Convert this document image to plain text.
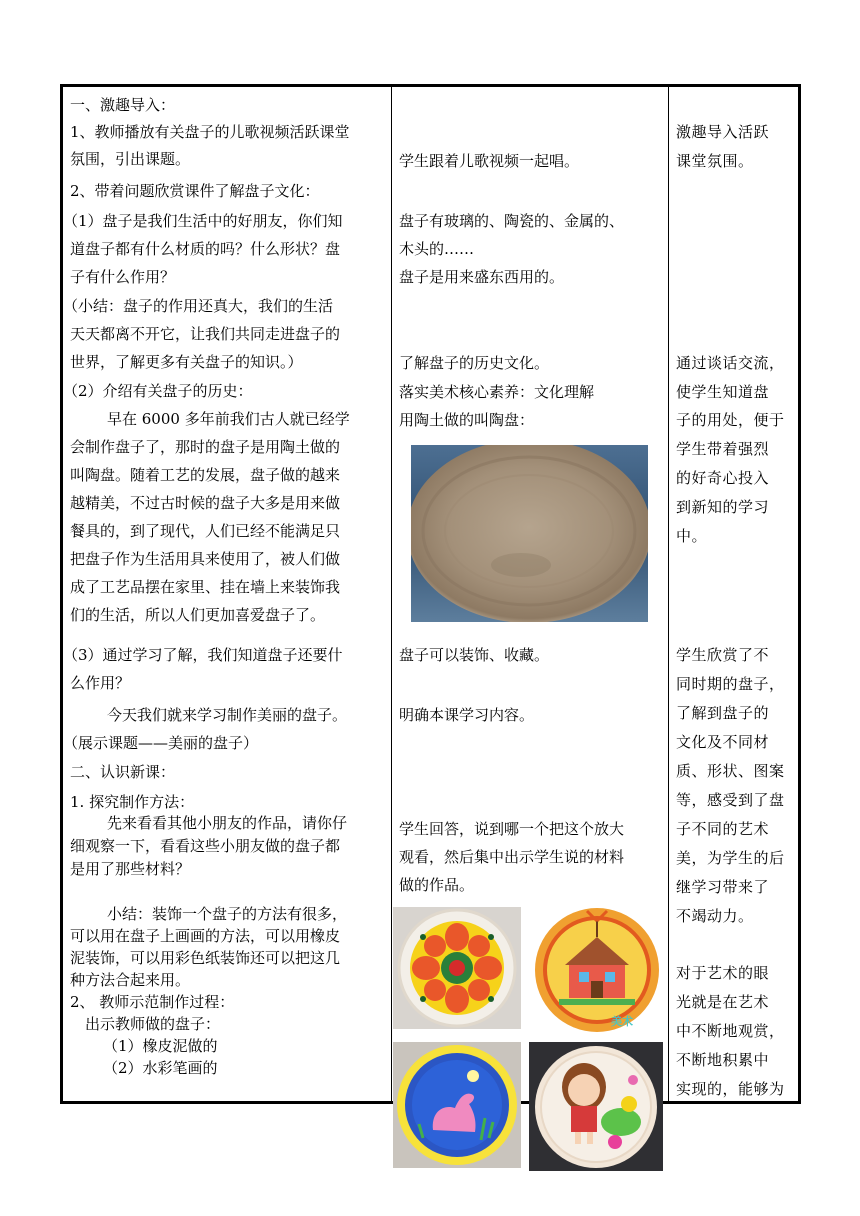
一、激趣导入：

1、教师播放有关盘子的儿歌视频活跃课堂

氛围，引出课题。

2、带着问题欣赏课件了解盘子文化：

（1）盘子是我们生活中的好朋友，你们知

道盘子都有什么材质的吗？什么形状？盘

子有什么作用？

（小结：盘子的作用还真大，我们的生活

天天都离不开它，让我们共同走进盘子的

世界，了解更多有关盘子的知识。）

（2）介绍有关盘子的历史：

早在 6000 多年前我们古人就已经学

会制作盘子了，那时的盘子是用陶土做的

叫陶盘。随着工艺的发展，盘子做的越来

越精美，不过古时候的盘子大多是用来做

餐具的，到了现代，人们已经不能满足只

把盘子作为生活用具来使用了，被人们做

成了工艺品摆在家里、挂在墙上来装饰我

们的生活，所以人们更加喜爱盘子了。

（3）通过学习了解，我们知道盘子还要什

么作用？

今天我们就来学习制作美丽的盘子。

（展示课题——美丽的盘子）

二、认识新课：

1. 探究制作方法：

先来看看其他小朋友的作品，请你仔

细观察一下，看看这些小朋友做的盘子都

是用了那些材料？

小结：装饰一个盘子的方法有很多，

可以用在盘子上画画的方法，可以用橡皮

泥装饰，可以用彩色纸装饰还可以把这几

种方法合起来用。

2、 教师示范制作过程：

出示教师做的盘子：

（1）橡皮泥做的

（2）水彩笔画的

学生跟着儿歌视频一起唱。

盘子有玻璃的、陶瓷的、金属的、

木头的……

盘子是用来盛东西用的。

了解盘子的历史文化。

落实美术核心素养：文化理解

用陶土做的叫陶盘：

盘子可以装饰、收藏。

明确本课学习内容。

学生回答，说到哪一个把这个放大

观看，然后集中出示学生说的材料

做的作品。

美术

激趣导入活跃

课堂氛围。

通过谈话交流，

使学生知道盘

子的用处，便于

学生带着强烈

的好奇心投入

到新知的学习

中。

学生欣赏了不

同时期的盘子，

了解到盘子的

文化及不同材

质、形状、图案

等，感受到了盘

子不同的艺术

美，为学生的后

继学习带来了

不竭动力。

对于艺术的眼

光就是在艺术

中不断地观赏，

不断地积累中

实现的，能够为
